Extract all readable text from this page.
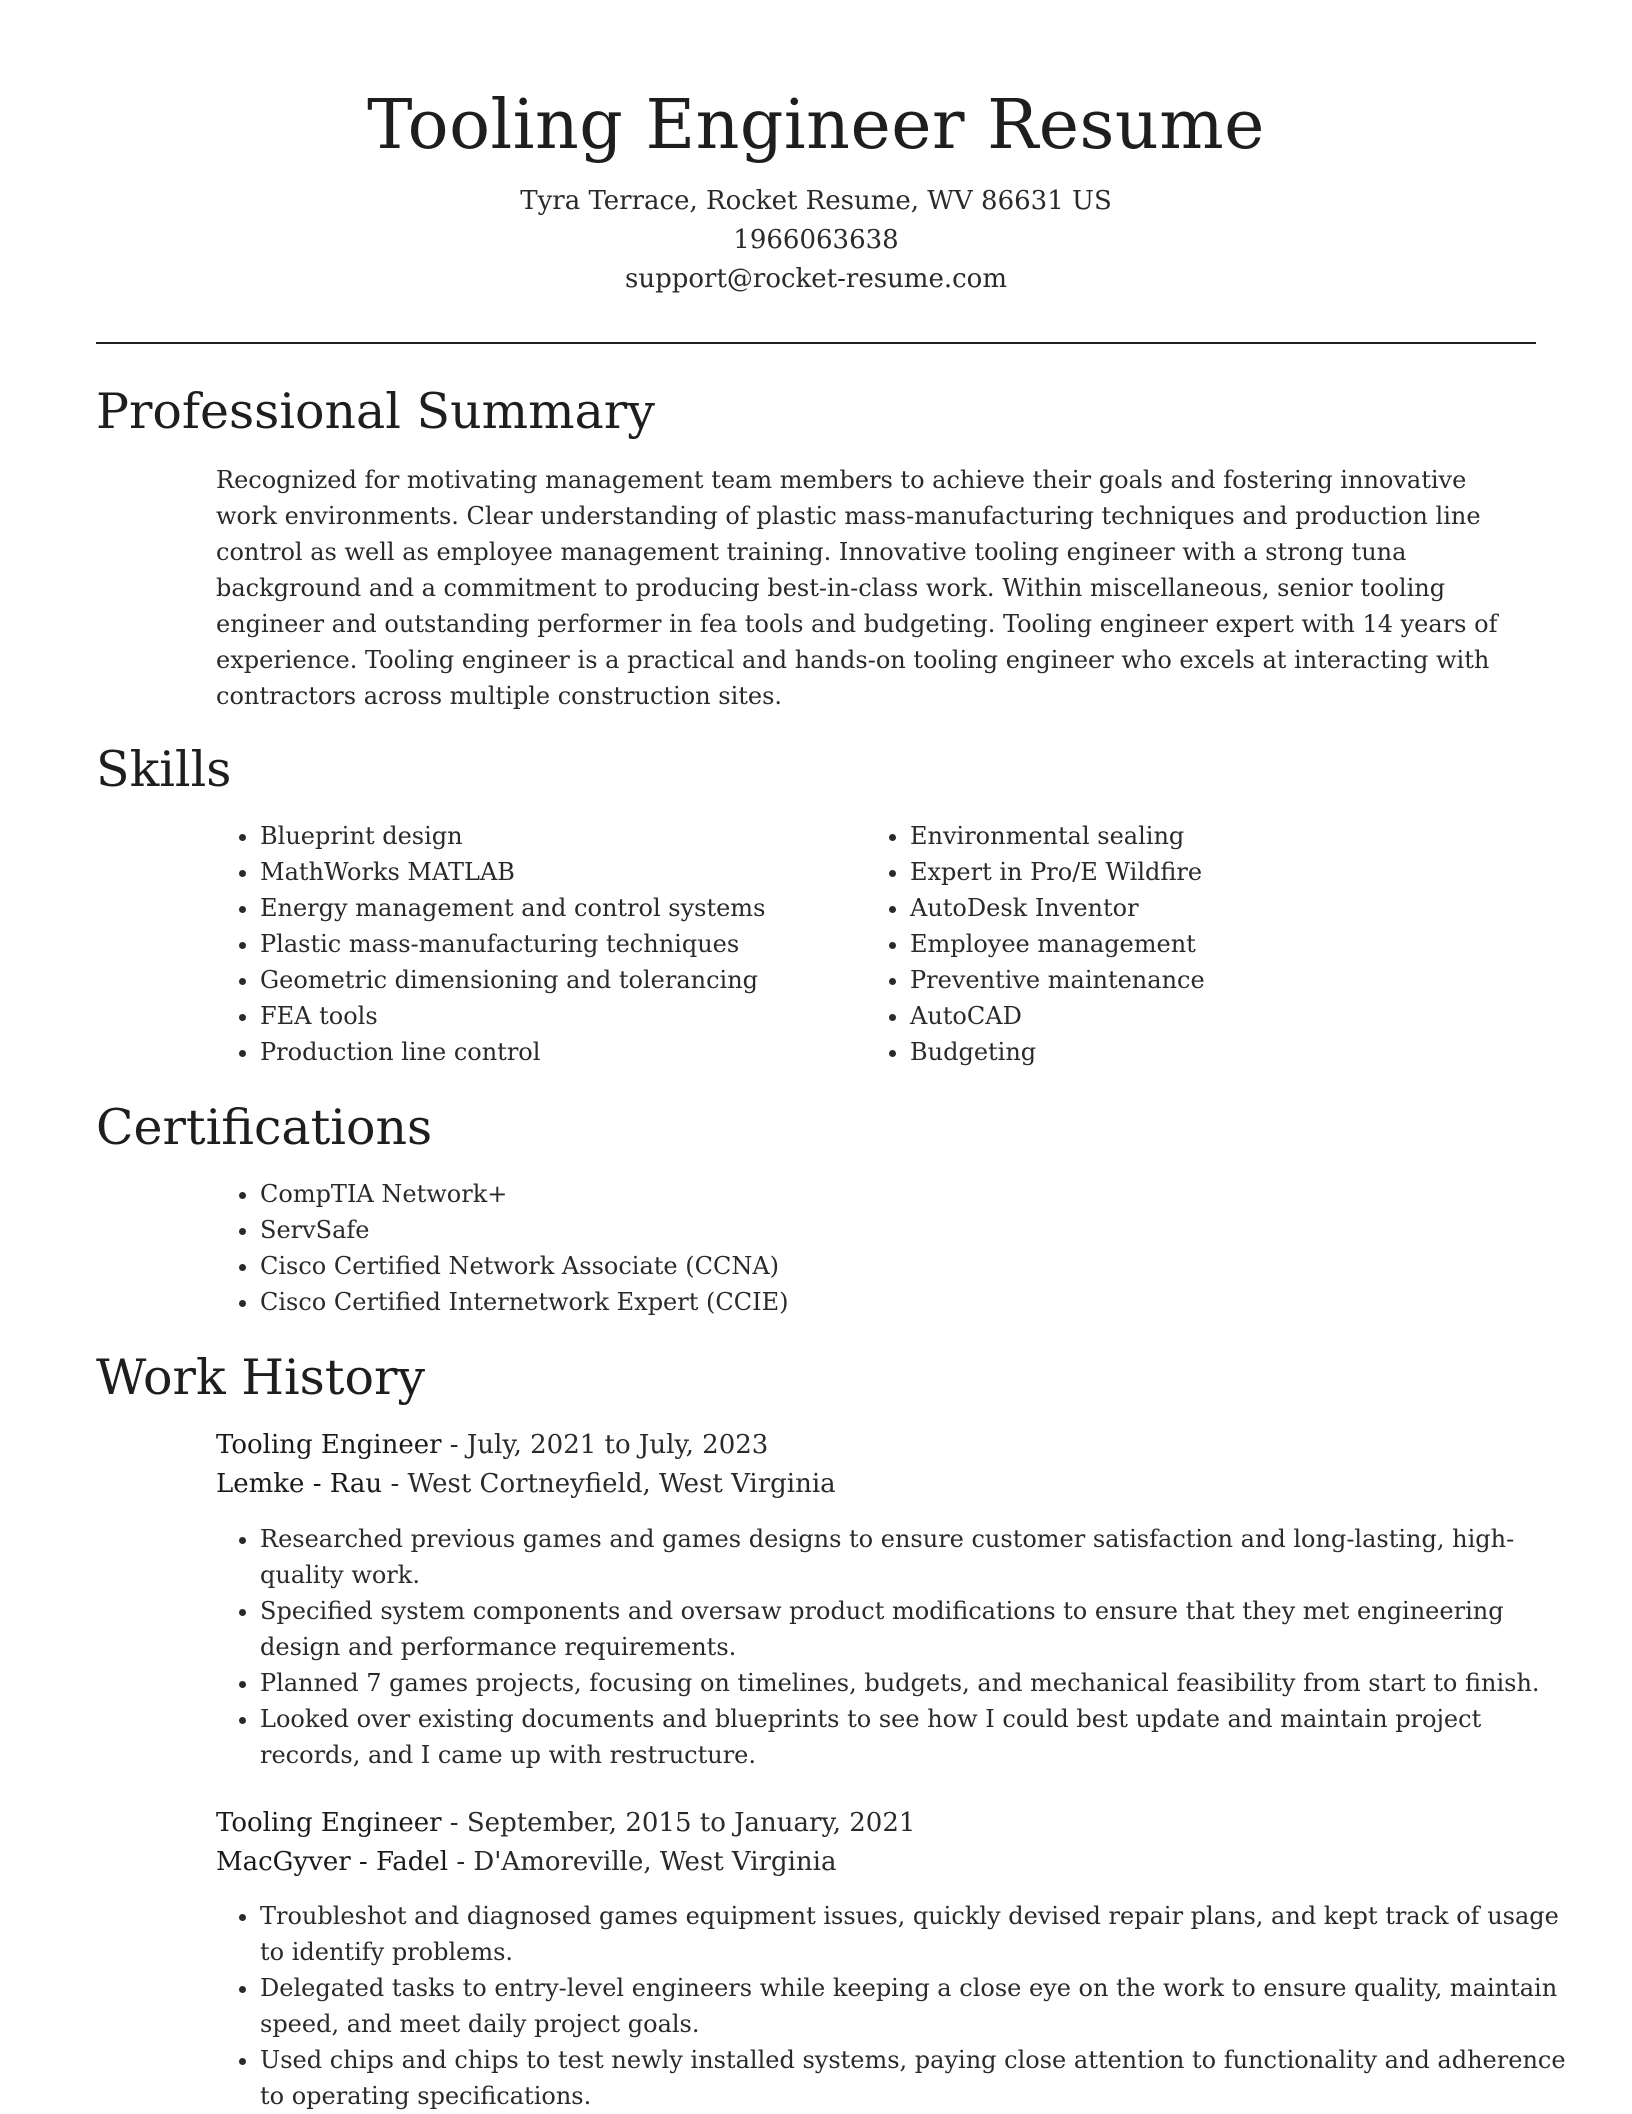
Tooling Engineer Resume
Tyra Terrace, Rocket Resume, WV 86631 US
1966063638
support@rocket-resume.com
Professional Summary

Recognized for motivating management team members to achieve their goals and fostering innovative work environments. Clear understanding of plastic mass-manufacturing techniques and production line control as well as employee management training. Innovative tooling engineer with a strong tuna background and a commitment to producing best-in-class work. Within miscellaneous, senior tooling engineer and outstanding performer in fea tools and budgeting. Tooling engineer expert with 14 years of experience. Tooling engineer is a practical and hands-on tooling engineer who excels at interacting with contractors across multiple construction sites.

Skills
• Blueprint design
• MathWorks MATLAB
• Energy management and control systems
• Plastic mass-manufacturing techniques
• Geometric dimensioning and tolerancing
• FEA tools
• Production line control
• Environmental sealing
• Expert in Pro/E Wildfire
• AutoDesk Inventor
• Employee management
• Preventive maintenance
• AutoCAD
• Budgeting
Certifications
• CompTIA Network+
• ServSafe
• Cisco Certified Network Associate (CCNA)
• Cisco Certified Internetwork Expert (CCIE)
Work History
Tooling Engineer - July, 2021 to July, 2023
Lemke - Rau - West Cortneyfield, West Virginia
• Researched previous games and games designs to ensure customer satisfaction and long-lasting, high-quality work.
• Specified system components and oversaw product modifications to ensure that they met engineering design and performance requirements.
• Planned 7 games projects, focusing on timelines, budgets, and mechanical feasibility from start to finish.
• Looked over existing documents and blueprints to see how I could best update and maintain project records, and I came up with restructure.
Tooling Engineer - September, 2015 to January, 2021
MacGyver - Fadel - D'Amoreville, West Virginia
• Troubleshot and diagnosed games equipment issues, quickly devised repair plans, and kept track of usage to identify problems.
• Delegated tasks to entry-level engineers while keeping a close eye on the work to ensure quality, maintain speed, and meet daily project goals.
• Used chips and chips to test newly installed systems, paying close attention to functionality and adherence to operating specifications.
